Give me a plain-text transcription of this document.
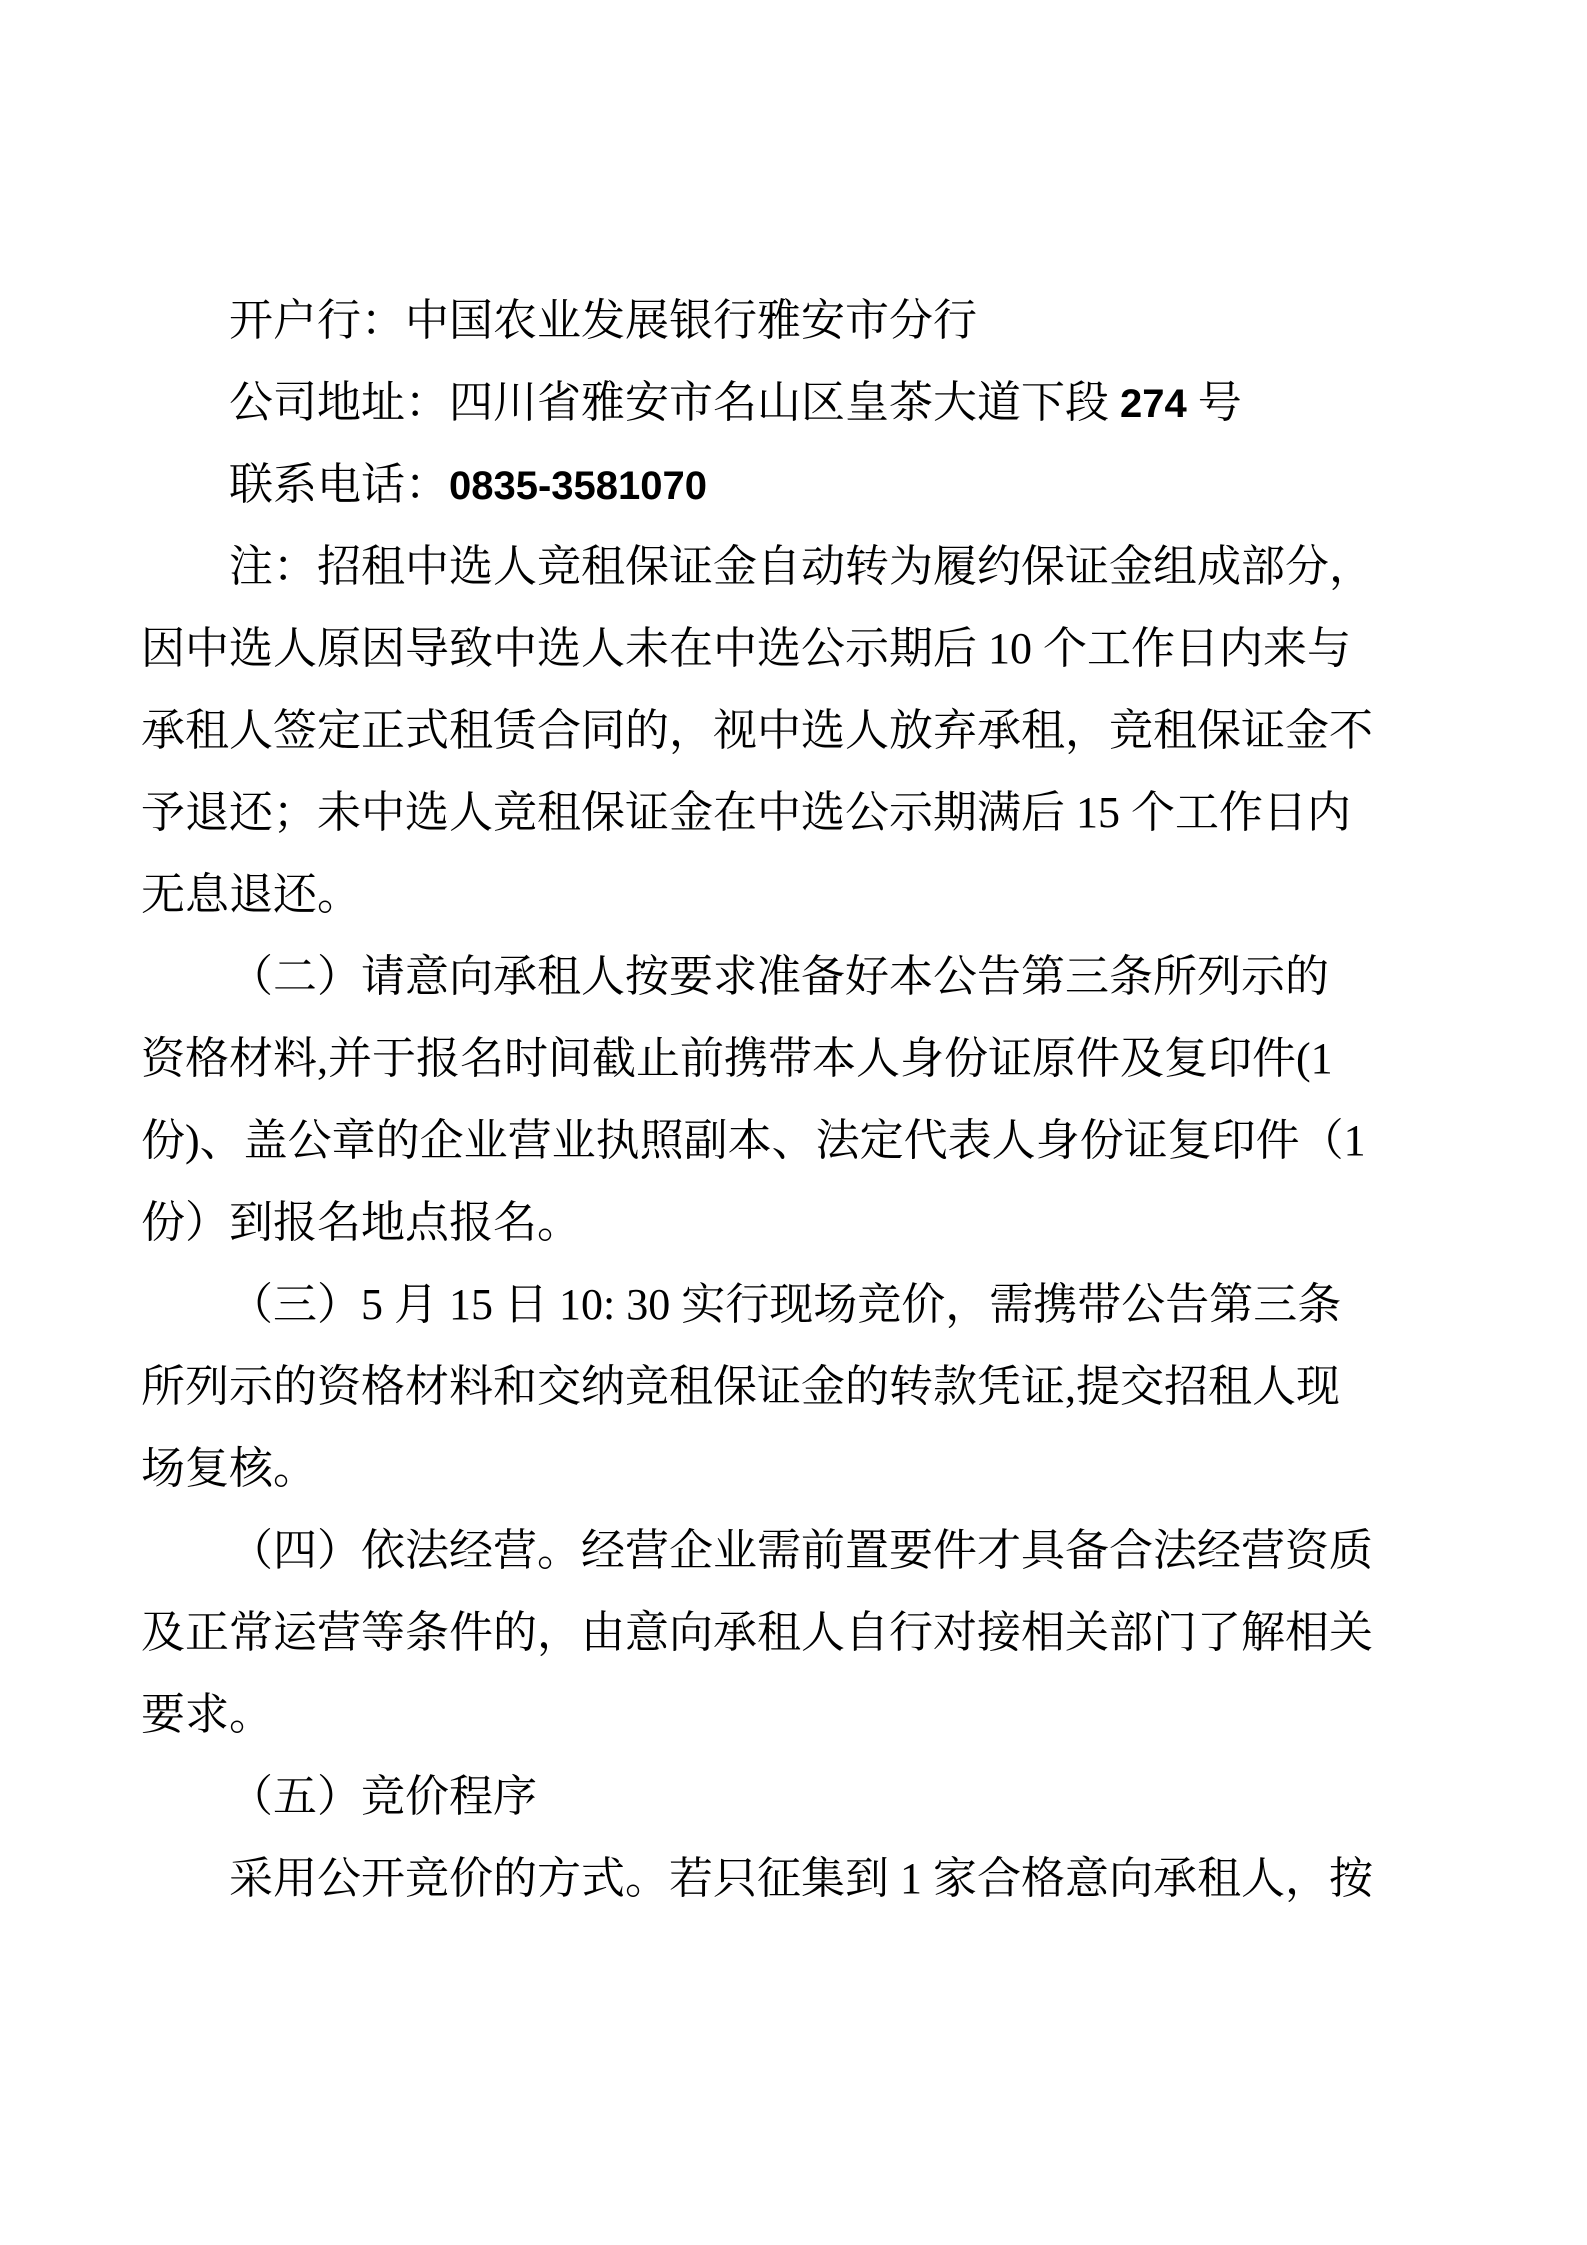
开户行：中国农业发展银行雅安市分行
公司地址：四川省雅安市名山区皇茶大道下段 274 号
联系电话：0835-3581070
注：招租中选人竞租保证金自动转为履约保证金组成部分，
因中选人原因导致中选人未在中选公示期后 10 个工作日内来与
承租人签定正式租赁合同的，视中选人放弃承租，竞租保证金不
予退还；未中选人竞租保证金在中选公示期满后 15 个工作日内
无息退还。
（二）请意向承租人按要求准备好本公告第三条所列示的
资格材料,并于报名时间截止前携带本人身份证原件及复印件(1
份)、盖公章的企业营业执照副本、法定代表人身份证复印件（1
份）到报名地点报名。
（三）5 月 15 日 10: 30 实行现场竞价，需携带公告第三条
所列示的资格材料和交纳竞租保证金的转款凭证,提交招租人现
场复核。
（四）依法经营。经营企业需前置要件才具备合法经营资质
及正常运营等条件的，由意向承租人自行对接相关部门了解相关
要求。
（五）竞价程序
采用公开竞价的方式。若只征集到 1 家合格意向承租人，按
